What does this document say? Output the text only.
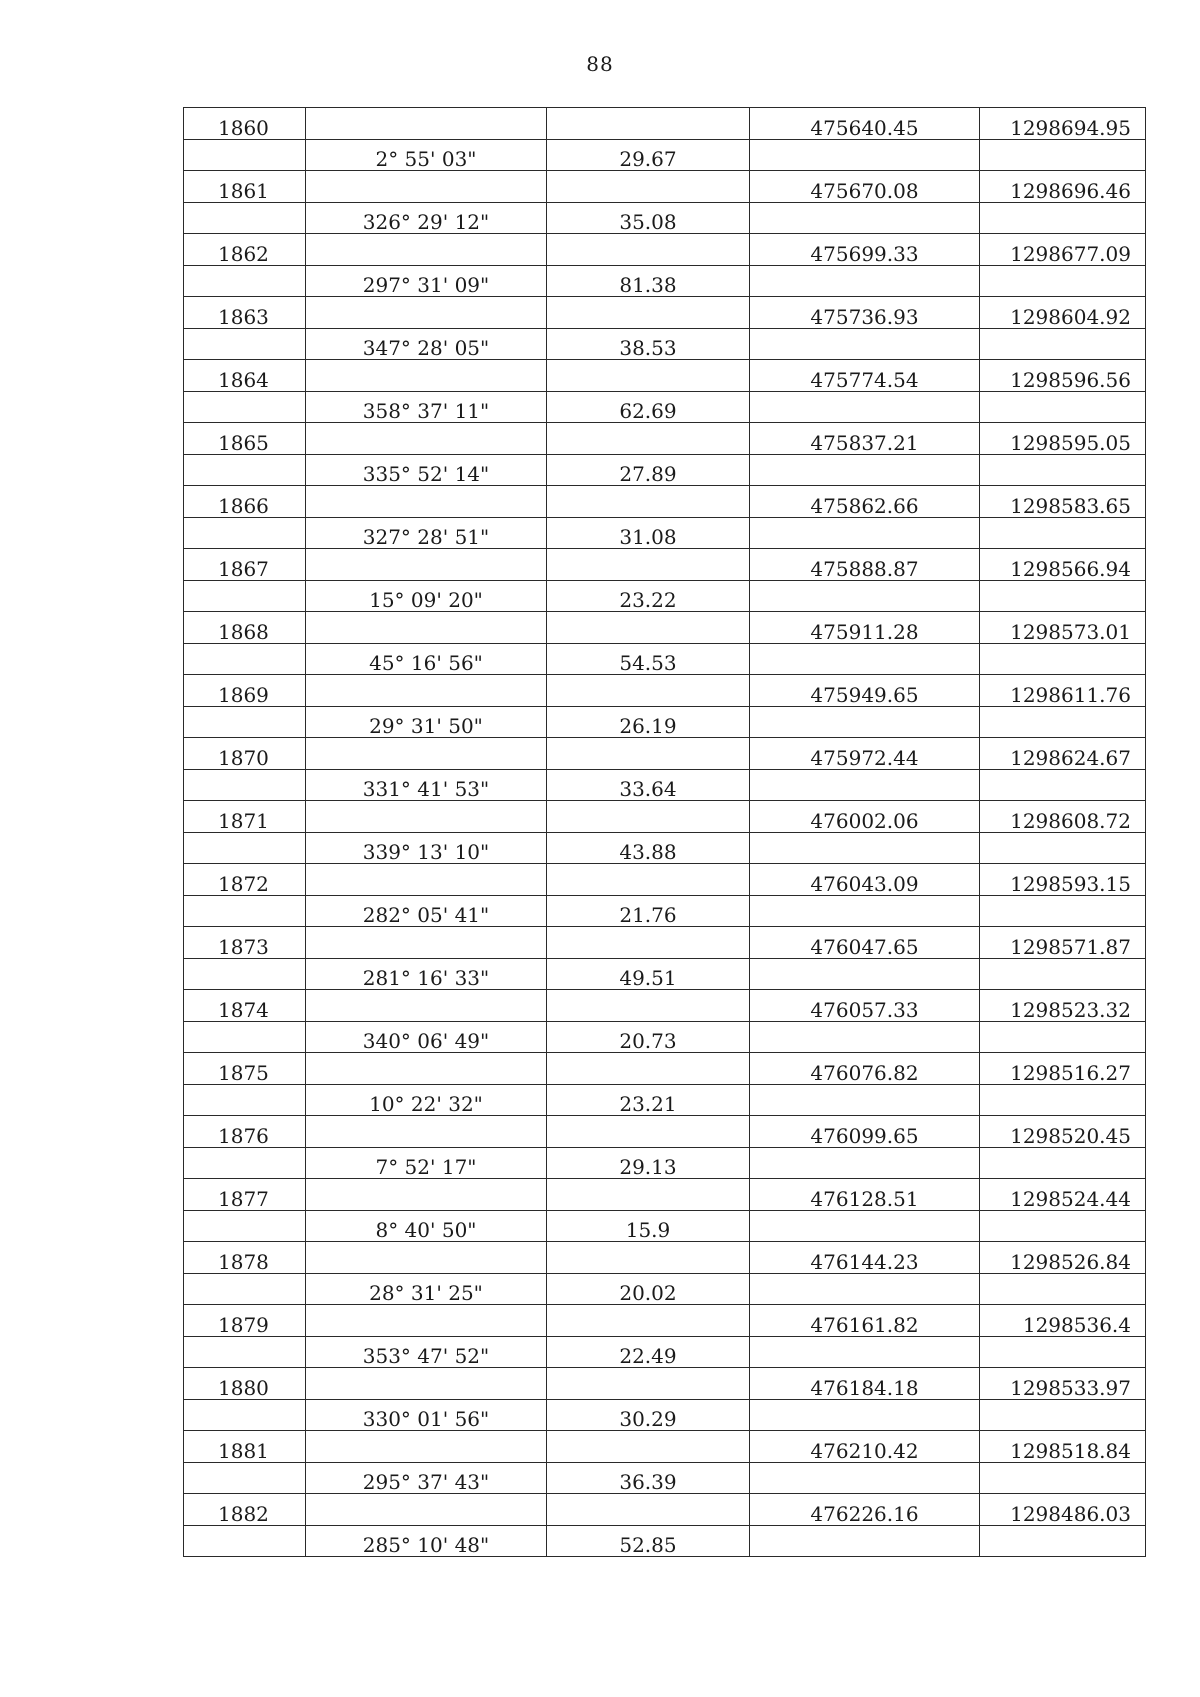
88
1860			475640.45	1298694.95
	2° 55' 03"	29.67		
1861			475670.08	1298696.46
	326° 29' 12"	35.08		
1862			475699.33	1298677.09
	297° 31' 09"	81.38		
1863			475736.93	1298604.92
	347° 28' 05"	38.53		
1864			475774.54	1298596.56
	358° 37' 11"	62.69		
1865			475837.21	1298595.05
	335° 52' 14"	27.89		
1866			475862.66	1298583.65
	327° 28' 51"	31.08		
1867			475888.87	1298566.94
	15° 09' 20"	23.22		
1868			475911.28	1298573.01
	45° 16' 56"	54.53		
1869			475949.65	1298611.76
	29° 31' 50"	26.19		
1870			475972.44	1298624.67
	331° 41' 53"	33.64		
1871			476002.06	1298608.72
	339° 13' 10"	43.88		
1872			476043.09	1298593.15
	282° 05' 41"	21.76		
1873			476047.65	1298571.87
	281° 16' 33"	49.51		
1874			476057.33	1298523.32
	340° 06' 49"	20.73		
1875			476076.82	1298516.27
	10° 22' 32"	23.21		
1876			476099.65	1298520.45
	7° 52' 17"	29.13		
1877			476128.51	1298524.44
	8° 40' 50"	15.9		
1878			476144.23	1298526.84
	28° 31' 25"	20.02		
1879			476161.82	1298536.4
	353° 47' 52"	22.49		
1880			476184.18	1298533.97
	330° 01' 56"	30.29		
1881			476210.42	1298518.84
	295° 37' 43"	36.39		
1882			476226.16	1298486.03
	285° 10' 48"	52.85		
